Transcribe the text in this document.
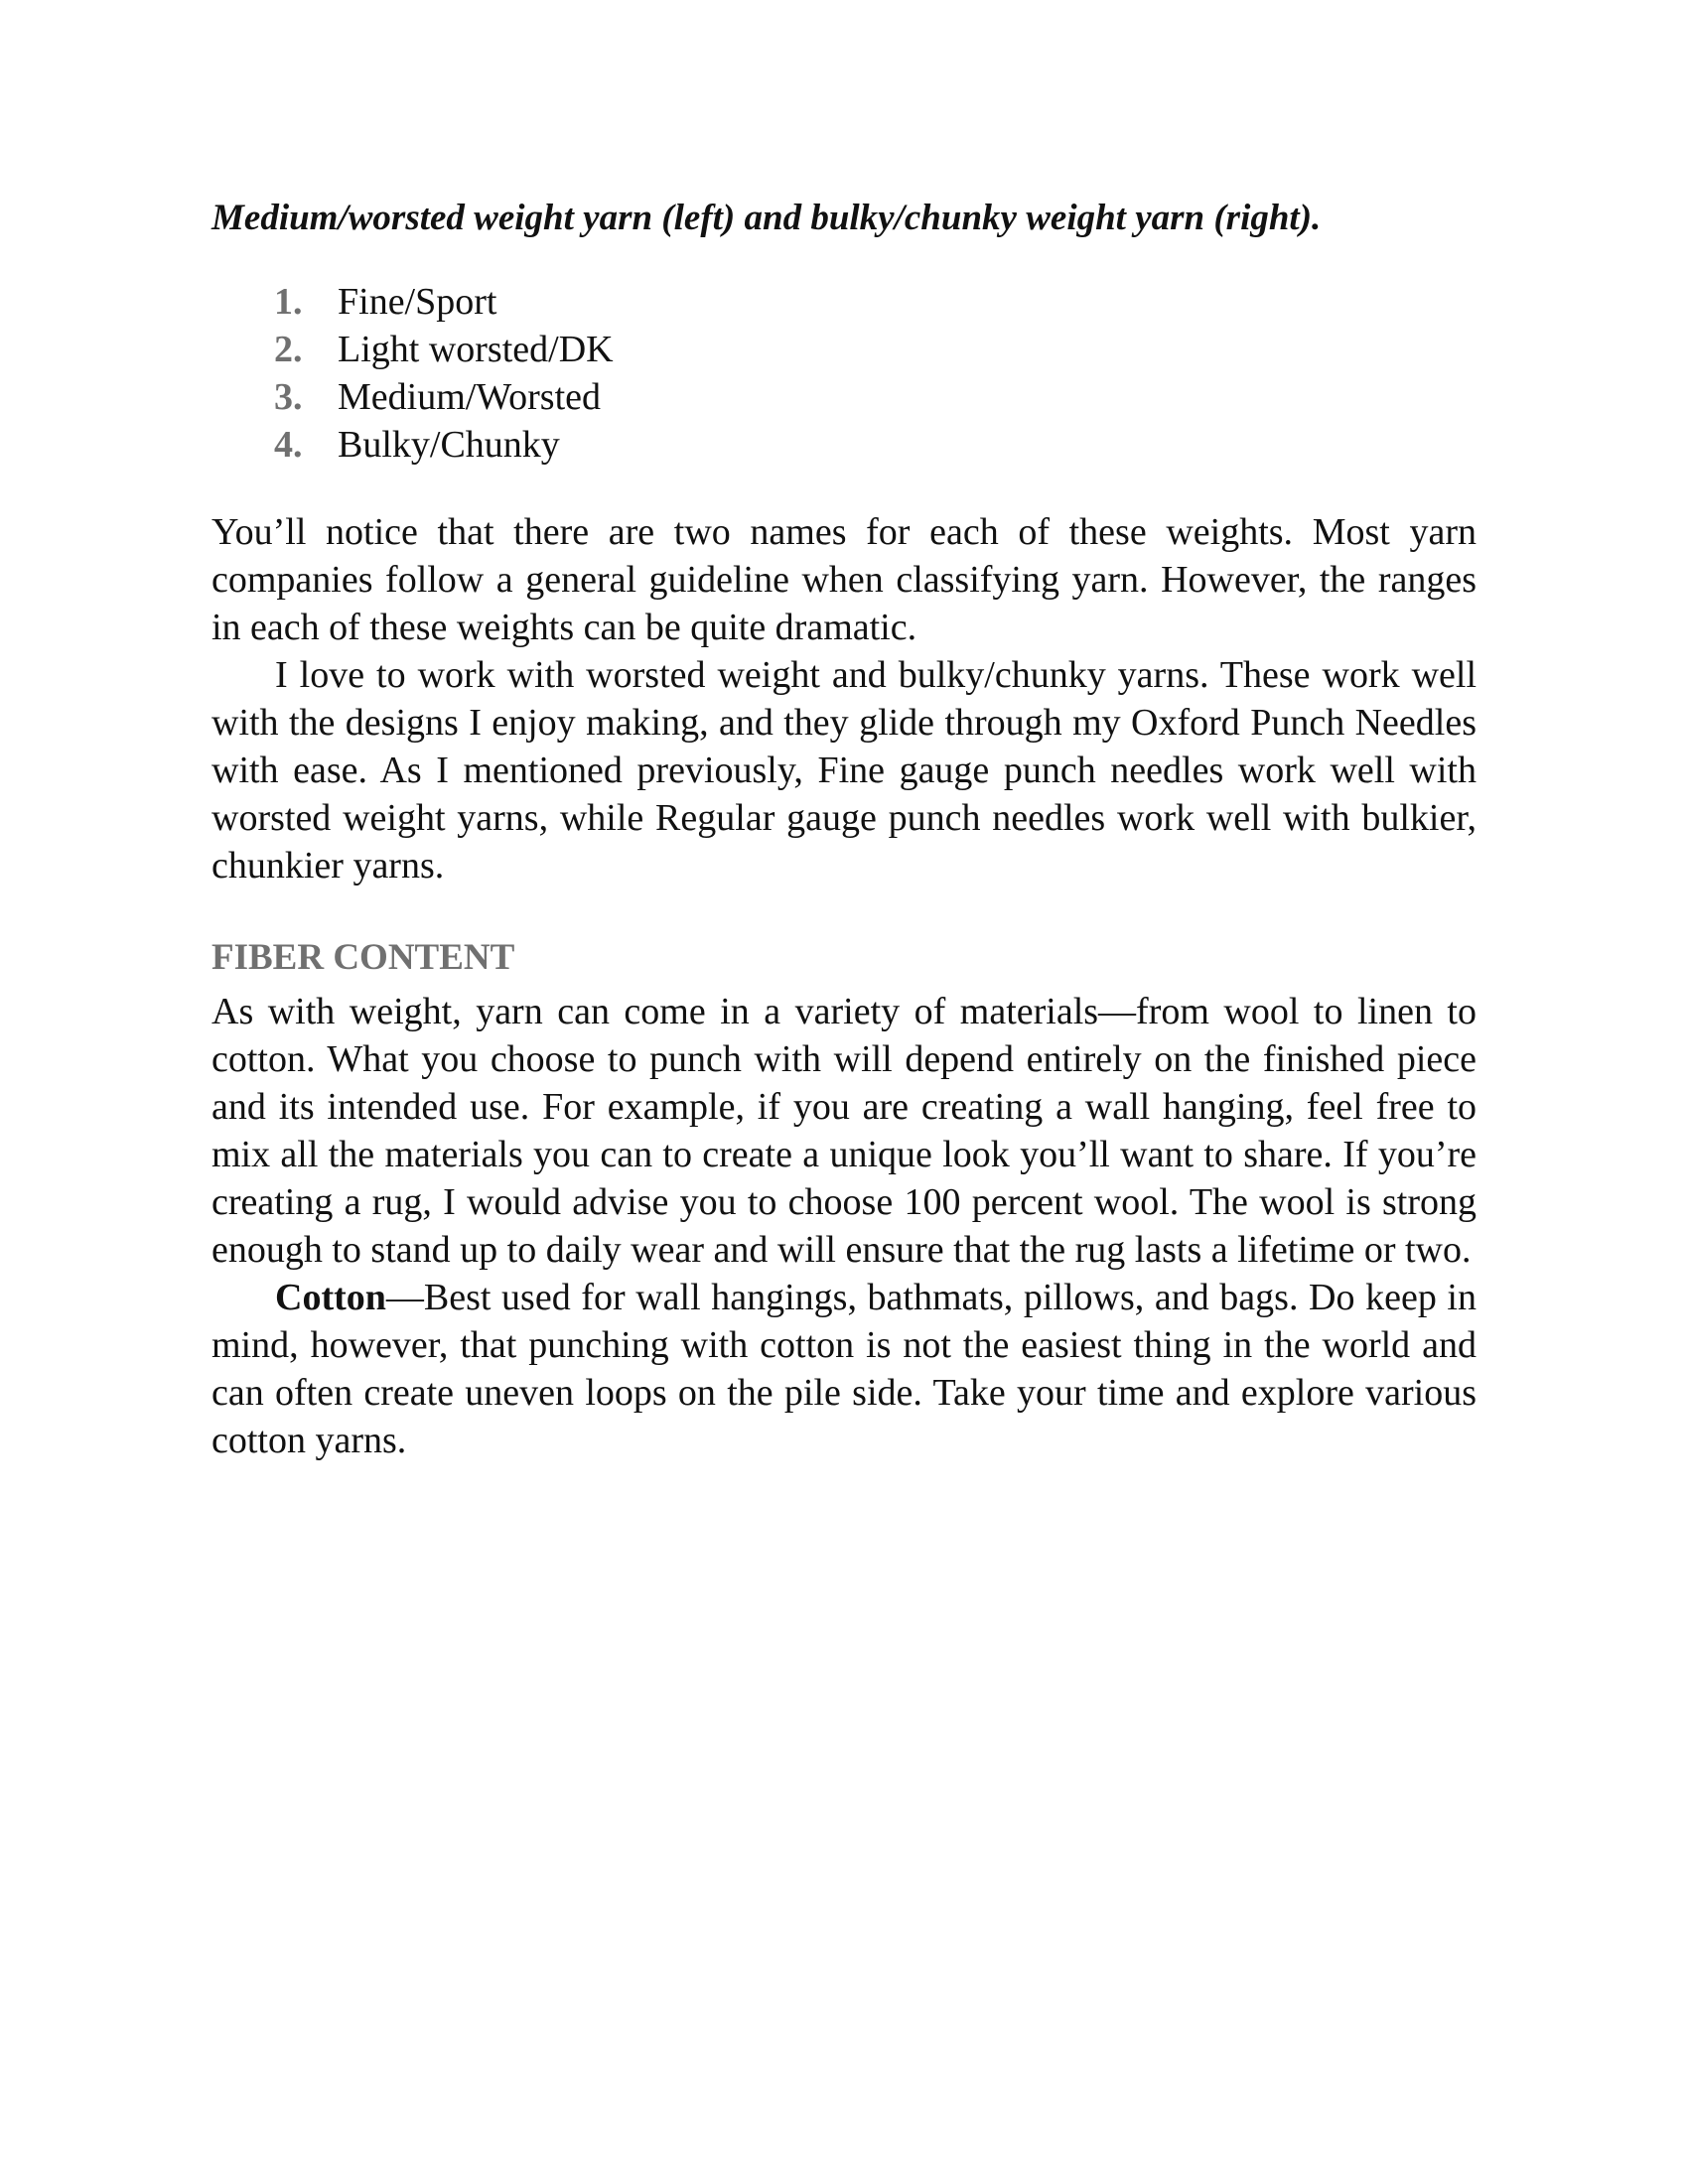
Medium/worsted weight yarn (left) and bulky/chunky weight yarn (right).
1. Fine/Sport
2. Light worsted/DK
3. Medium/Worsted
4. Bulky/Chunky

You’ll notice that there are two names for each of these weights. Most yarn companies follow a general guideline when classifying yarn. However, the ranges in each of these weights can be quite dramatic.

I love to work with worsted weight and bulky/chunky yarns. These work well with the designs I enjoy making, and they glide through my Oxford Punch Needles with ease. As I mentioned previously, Fine gauge punch needles work well with worsted weight yarns, while Regular gauge punch needles work well with bulkier, chunkier yarns.

FIBER CONTENT

As with weight, yarn can come in a variety of materials—from wool to linen to cotton. What you choose to punch with will depend entirely on the finished piece and its intended use. For example, if you are creating a wall hanging, feel free to mix all the materials you can to create a unique look you’ll want to share. If you’re creating a rug, I would advise you to choose 100 percent wool. The wool is strong enough to stand up to daily wear and will ensure that the rug lasts a lifetime or two.

Cotton—Best used for wall hangings, bathmats, pillows, and bags. Do keep in mind, however, that punching with cotton is not the easiest thing in the world and can often create uneven loops on the pile side. Take your time and explore various cotton yarns.
